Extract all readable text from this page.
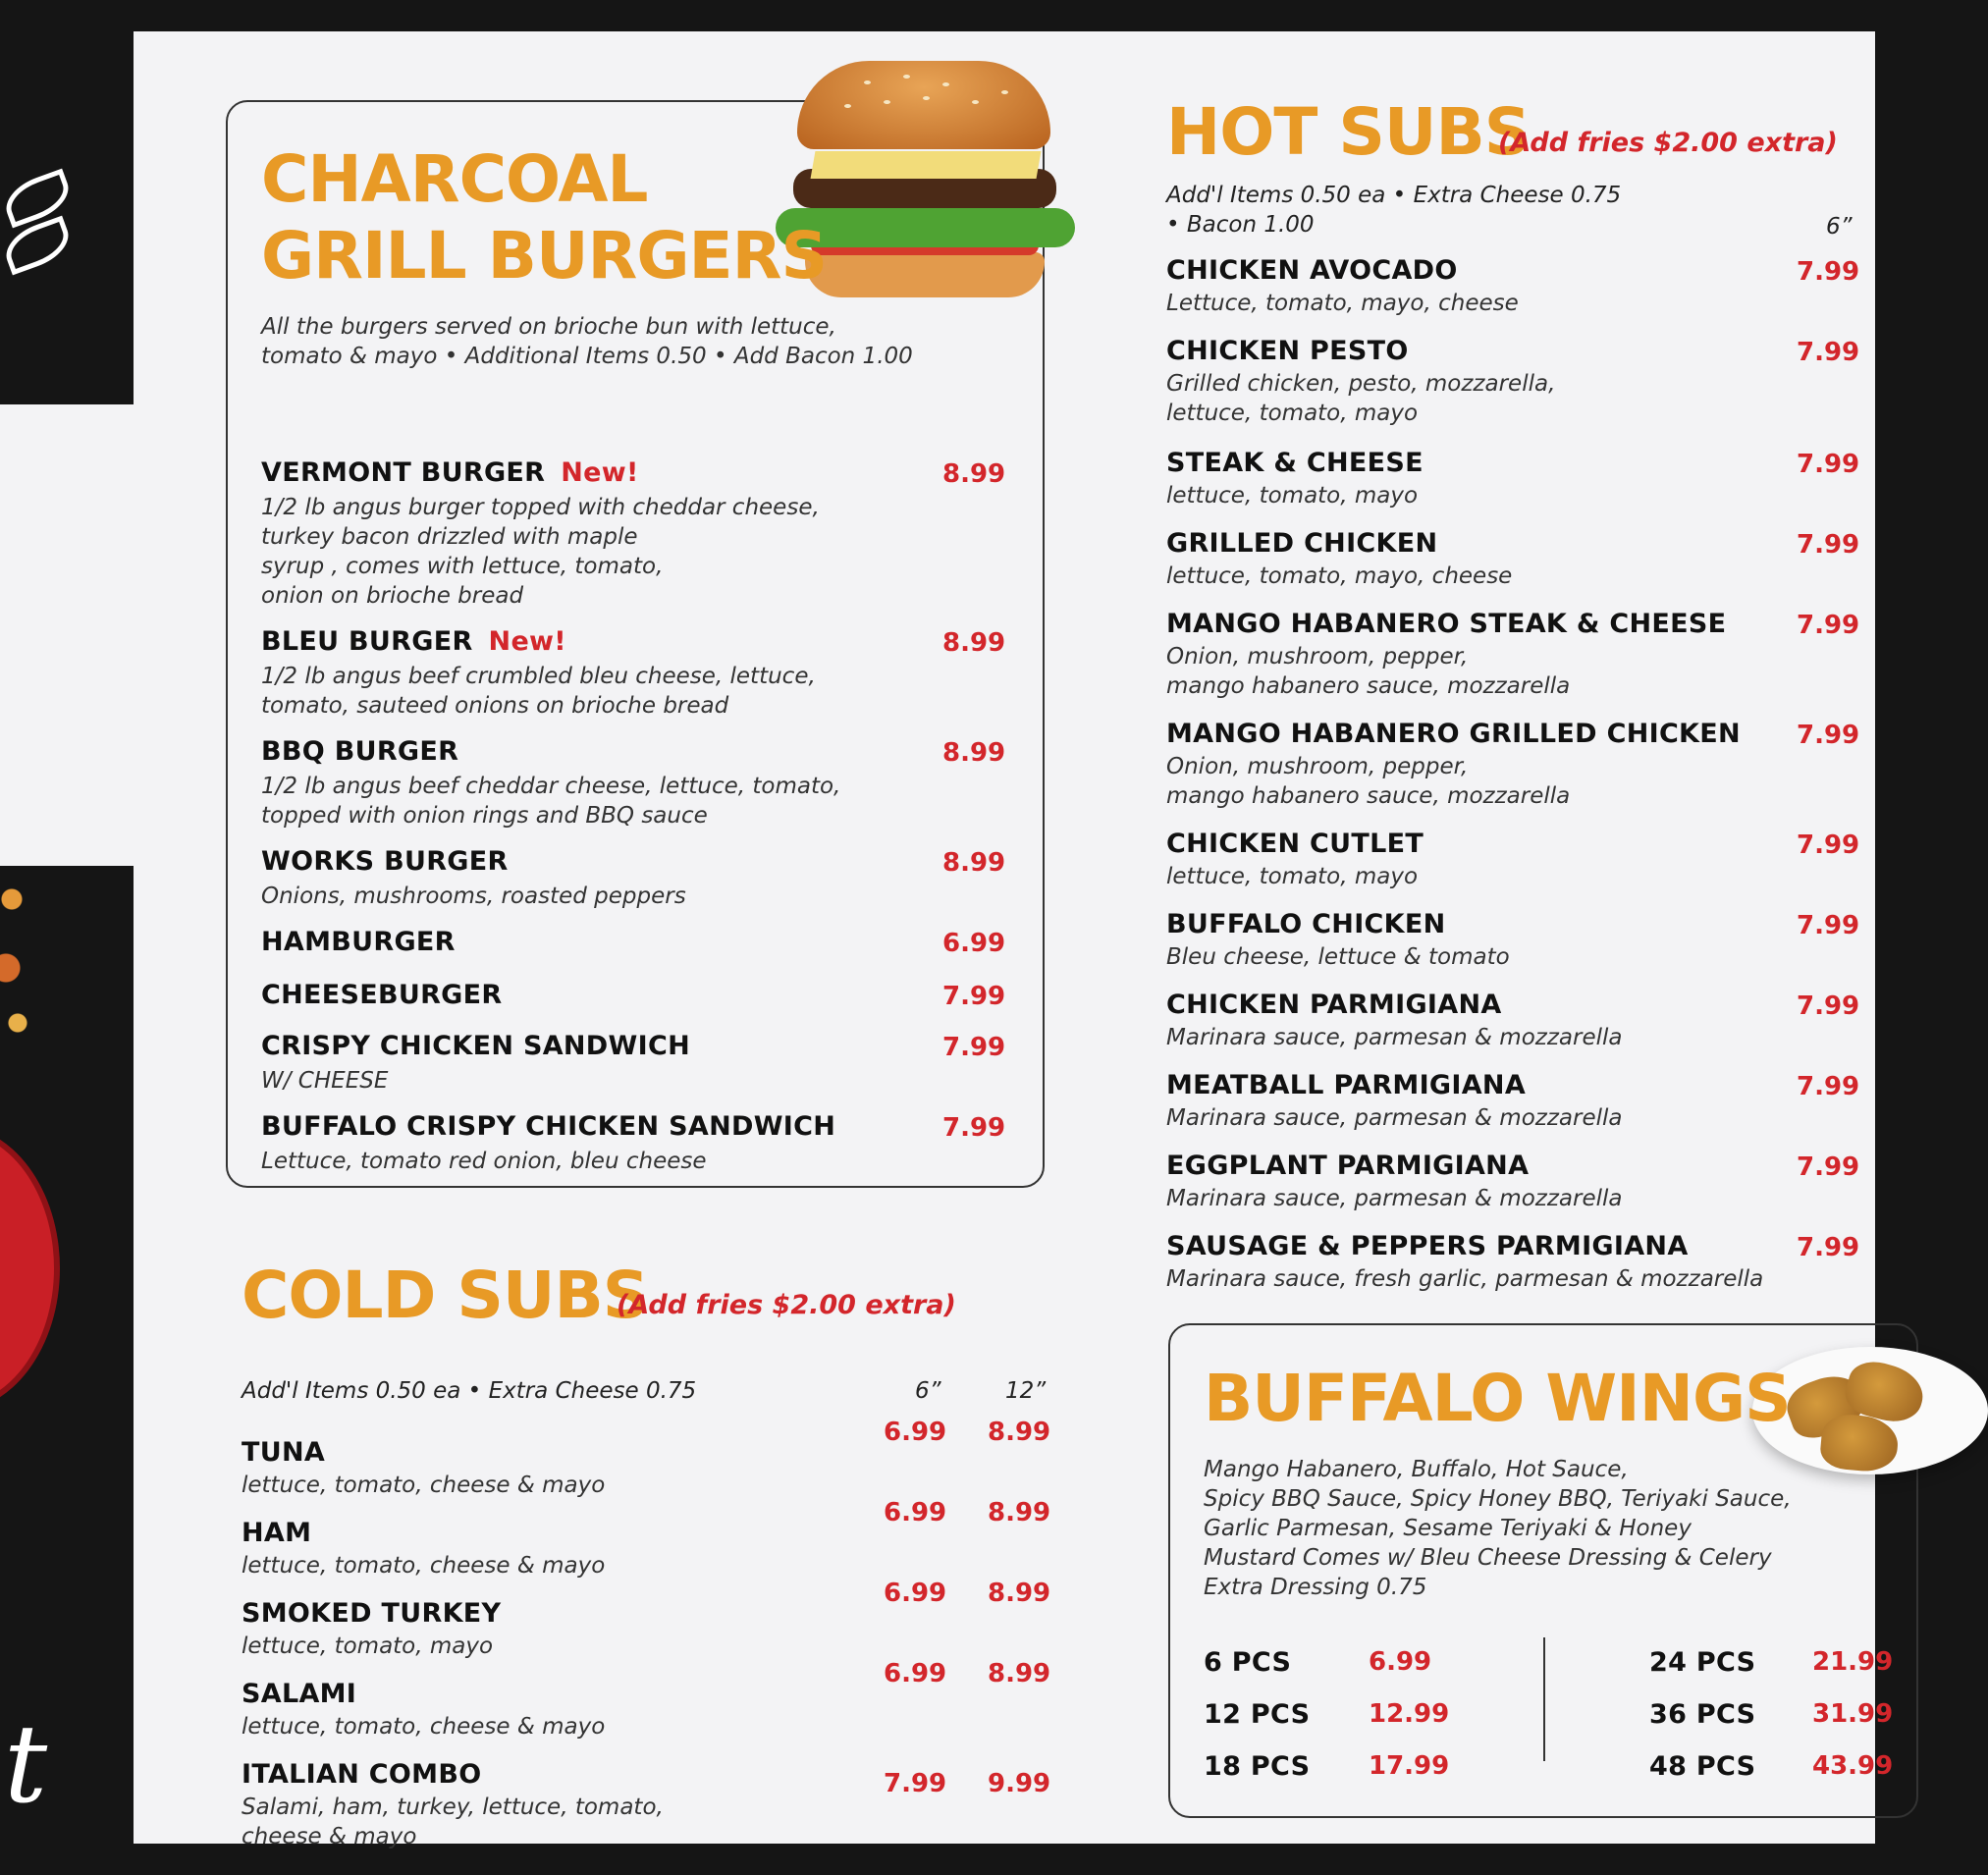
t
CHARCOAL
GRILL BURGERS

All the burgers served on brioche bun with lettuce,
tomato & mayo • Additional Items 0.50 • Add Bacon 1.00

VERMONT BURGER New!	8.99

1/2 lb angus burger topped with cheddar cheese,
turkey bacon drizzled with maple
syrup , comes with lettuce, tomato,
onion on brioche bread

BLEU BURGER New!	8.99

1/2 lb angus beef crumbled bleu cheese, lettuce,
tomato, sauteed onions on brioche bread

BBQ BURGER	8.99

1/2 lb angus beef cheddar cheese, lettuce, tomato,
topped with onion rings and BBQ sauce

WORKS BURGER	8.99

Onions, mushrooms, roasted peppers

HAMBURGER	6.99

CHEESEBURGER	7.99

CRISPY CHICKEN SANDWICH	7.99

W/ CHEESE

BUFFALO CRISPY CHICKEN SANDWICH	7.99

Lettuce, tomato red onion, bleu cheese

COLD SUBS

(Add fries $2.00 extra)

Add'l Items 0.50 ea • Extra Cheese 0.75	6”	12”

TUNA

lettuce, tomato, cheese & mayo

6.99 8.99

HAM

lettuce, tomato, cheese & mayo

6.99 8.99

SMOKED TURKEY

lettuce, tomato, mayo

6.99 8.99

SALAMI

lettuce, tomato, cheese & mayo

6.99 8.99

ITALIAN COMBO

Salami, ham, turkey, lettuce, tomato,
cheese & mayo

7.99 9.99

HOT SUBS

(Add fries $2.00 extra)

Add'l Items 0.50 ea • Extra Cheese 0.75
• Bacon 1.00	6”

CHICKEN AVOCADO

Lettuce, tomato, mayo, cheese

7.99

CHICKEN PESTO

Grilled chicken, pesto, mozzarella,
lettuce, tomato, mayo

7.99

STEAK & CHEESE

lettuce, tomato, mayo

7.99

GRILLED CHICKEN

lettuce, tomato, mayo, cheese

7.99

MANGO HABANERO STEAK & CHEESE

Onion, mushroom, pepper,
mango habanero sauce, mozzarella

7.99

MANGO HABANERO GRILLED CHICKEN

Onion, mushroom, pepper,
mango habanero sauce, mozzarella

7.99

CHICKEN CUTLET

lettuce, tomato, mayo

7.99

BUFFALO CHICKEN

Bleu cheese, lettuce & tomato

7.99

CHICKEN PARMIGIANA

Marinara sauce, parmesan & mozzarella

7.99

MEATBALL PARMIGIANA

Marinara sauce, parmesan & mozzarella

7.99

EGGPLANT PARMIGIANA

Marinara sauce, parmesan & mozzarella

7.99

SAUSAGE & PEPPERS PARMIGIANA

Marinara sauce, fresh garlic, parmesan & mozzarella

7.99

BUFFALO WINGS

Mango Habanero, Buffalo, Hot Sauce,
Spicy BBQ Sauce, Spicy Honey BBQ, Teriyaki Sauce,
Garlic Parmesan, Sesame Teriyaki & Honey
Mustard Comes w/ Bleu Cheese Dressing & Celery
Extra Dressing 0.75

6 PCS	6.99

12 PCS 12.99

18 PCS 17.99

24 PCS 21.99

36 PCS 31.99

48 PCS 43.99
